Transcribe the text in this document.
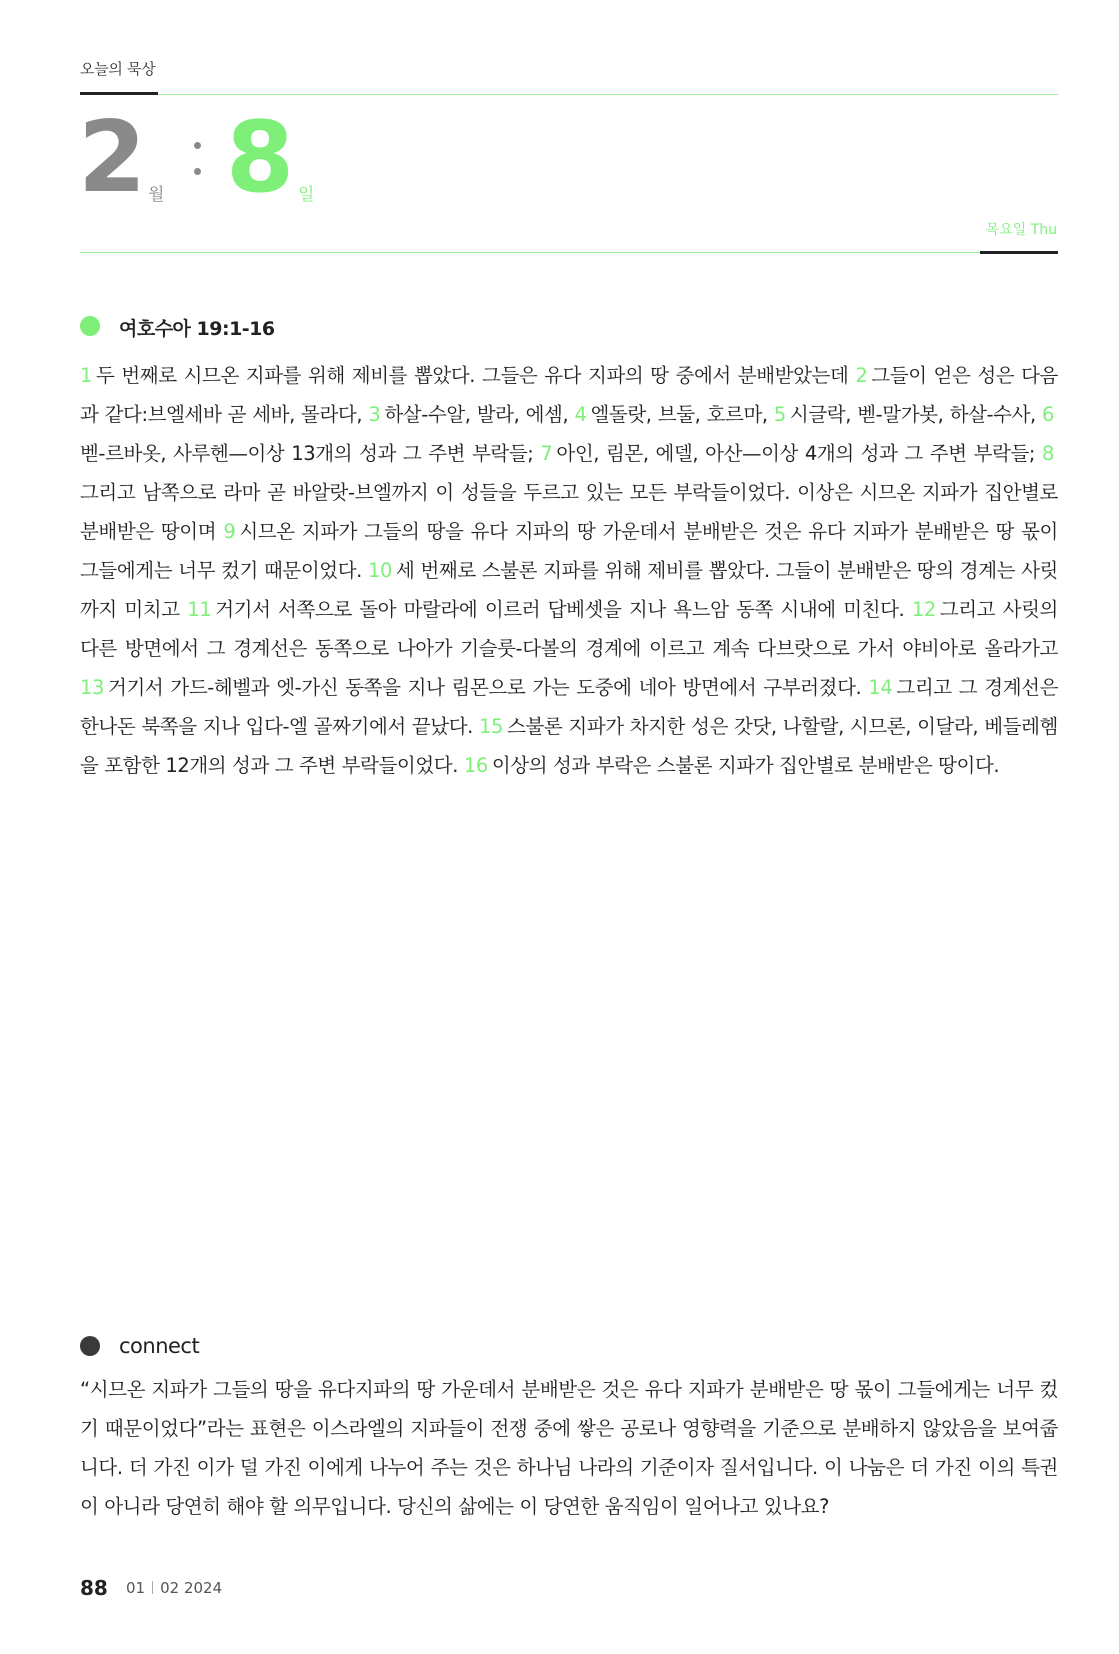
오늘의 묵상
2 월 8 일
목요일 Thu
여호수아 19:1-16
1 두 번째로 시므온 지파를 위해 제비를 뽑았다. 그들은 유다 지파의 땅 중에서 분배받았는데 2 그들이 얻은 성은 다음과 같다:브엘세바 곧 세바, 몰라다, 3 하살-수알, 발라, 에셈, 4 엘돌랏, 브둘, 호르마, 5 시글락, 벧-말가봇, 하살-수사, 6벧-르바옷, 사루헨—이상 13개의 성과 그 주변 부락들; 7 아인, 림몬, 에델, 아산—이상 4개의 성과 그 주변 부락들; 8그리고 남쪽으로 라마 곧 바알랏-브엘까지 이 성들을 두르고 있는 모든 부락들이었다. 이상은 시므온 지파가 집안별로 분배받은 땅이며 9 시므온 지파가 그들의 땅을 유다 지파의 땅 가운데서 분배받은 것은 유다 지파가 분배받은 땅 몫이 그들에게는 너무 컸기 때문이었다. 10 세 번째로 스불론 지파를 위해 제비를 뽑았다. 그들이 분배받은 땅의 경계는 사릿까지 미치고 11 거기서 서쪽으로 돌아 마랄라에 이르러 답베셋을 지나 욕느암 동쪽 시내에 미친다. 12 그리고 사릿의 다른 방면에서 그 경계선은 동쪽으로 나아가 기슬룻-다볼의 경계에 이르고 계속 다브랏으로 가서 야비아로 올라가고 13 거기서 가드-헤벨과 엣-가신 동쪽을 지나 림몬으로 가는 도중에 네아 방면에서 구부러졌다. 14 그리고 그 경계선은 한나돈 북쪽을 지나 입다-엘 골짜기에서 끝났다. 15 스불론 지파가 차지한 성은 갓닷, 나할랄, 시므론, 이달라, 베들레헴을 포함한 12개의 성과 그 주변 부락들이었다. 16 이상의 성과 부락은 스불론 지파가 집안별로 분배받은 땅이다.
connect
“시므온 지파가 그들의 땅을 유다지파의 땅 가운데서 분배받은 것은 유다 지파가 분배받은 땅 몫이 그들에게는 너무 컸기 때문이었다”라는 표현은 이스라엘의 지파들이 전쟁 중에 쌓은 공로나 영향력을 기준으로 분배하지 않았음을 보여줍니다. 더 가진 이가 덜 가진 이에게 나누어 주는 것은 하나님 나라의 기준이자 질서입니다. 이 나눔은 더 가진 이의 특권이 아니라 당연히 해야 할 의무입니다. 당신의 삶에는 이 당연한 움직임이 일어나고 있나요?
88 01 02 2024
